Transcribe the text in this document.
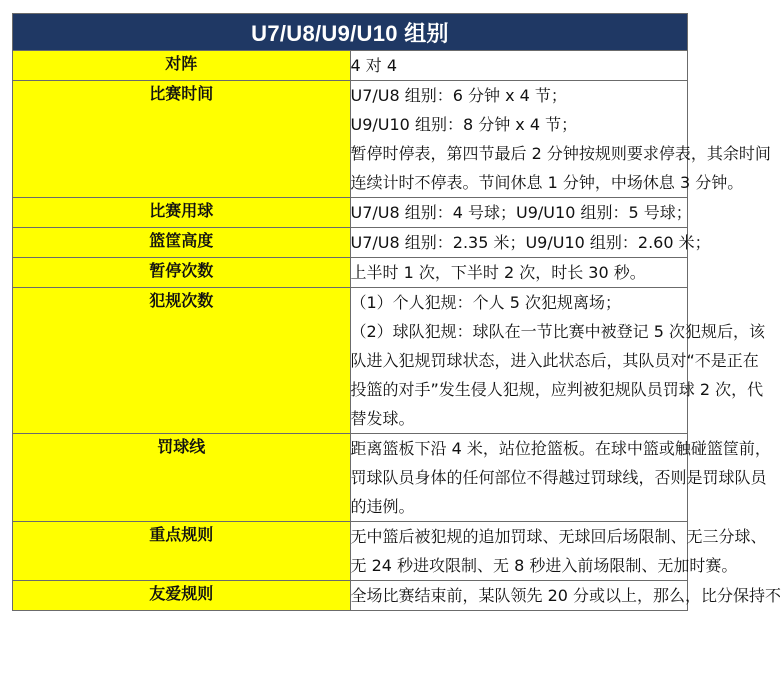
U7/U8/U9/U10 组别	
对阵	4 对 4

比赛时间	U7/U8 组别：6 分钟 x 4 节；
U9/U10 组别：8 分钟 x 4 节；
暂停时停表，第四节最后 2 分钟按规则要求停表，其余时间
连续计时不停表。节间休息 1 分钟，中场休息 3 分钟。

比赛用球	U7/U8 组别：4 号球；U9/U10 组别：5 号球；

篮筐高度	U7/U8 组别：2.35 米；U9/U10 组别：2.60 米；

暂停次数	上半时 1 次，下半时 2 次，时长 30 秒。

犯规次数	（1）个人犯规：个人 5 次犯规离场；
（2）球队犯规：球队在一节比赛中被登记 5 次犯规后，该
队进入犯规罚球状态，进入此状态后，其队员对“不是正在
投篮的对手”发生侵人犯规，应判被犯规队员罚球 2 次，代
替发球。

罚球线	距离篮板下沿 4 米，站位抢篮板。在球中篮或触碰篮筐前，
罚球队员身体的任何部位不得越过罚球线，否则是罚球队员
的违例。

重点规则	无中篮后被犯规的追加罚球、无球回后场限制、无三分球、
无 24 秒进攻限制、无 8 秒进入前场限制、无加时赛。

友爱规则	全场比赛结束前，某队领先 20 分或以上，那么，比分保持不
